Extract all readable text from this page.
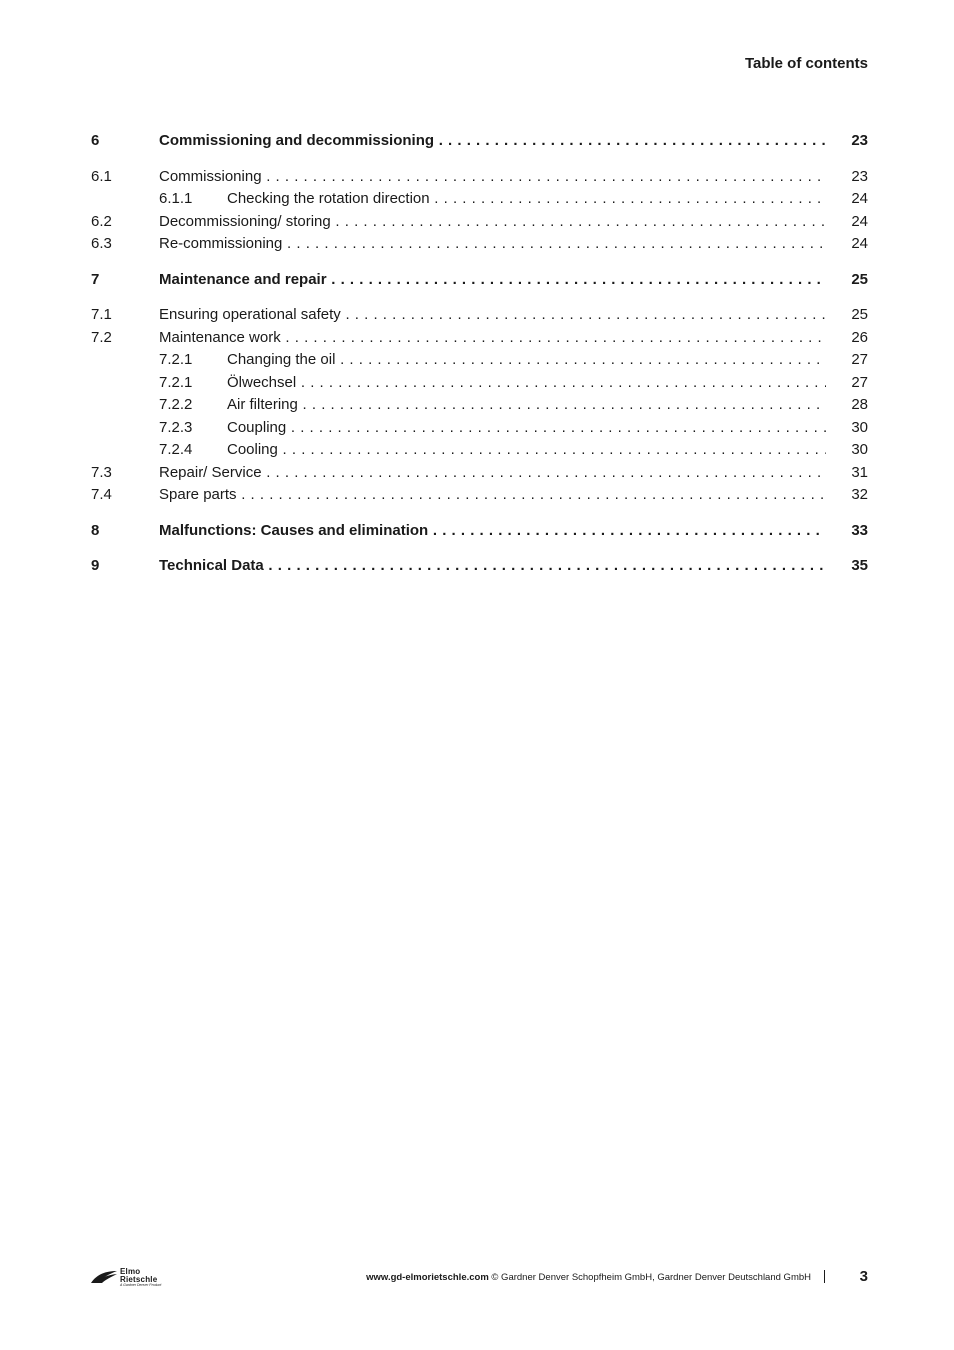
Table of contents
6	Commissioning and decommissioning . . .	23
6.1	Commissioning . . .	23
6.1.1 Checking the rotation direction . . .	24
6.2	Decommissioning/ storing . . .	24
6.3	Re-commissioning . . .	24
7	Maintenance and repair . . .	25
7.1	Ensuring operational safety . . .	25
7.2	Maintenance work . . .	26
7.2.1 Changing the oil . . .	27
7.2.1 Ölwechsel . . .	27
7.2.2 Air filtering . . .	28
7.2.3 Coupling . . .	30
7.2.4 Cooling . . .	30
7.3	Repair/ Service . . .	31
7.4	Spare parts . . .	32
8	Malfunctions: Causes and elimination . . .	33
9	Technical Data . . .	35
Elmo
Rietschle
A Gardner Denver Product
www.gd-elmorietschle.com © Gardner Denver Schopfheim GmbH, Gardner Denver Deutschland GmbH	3
